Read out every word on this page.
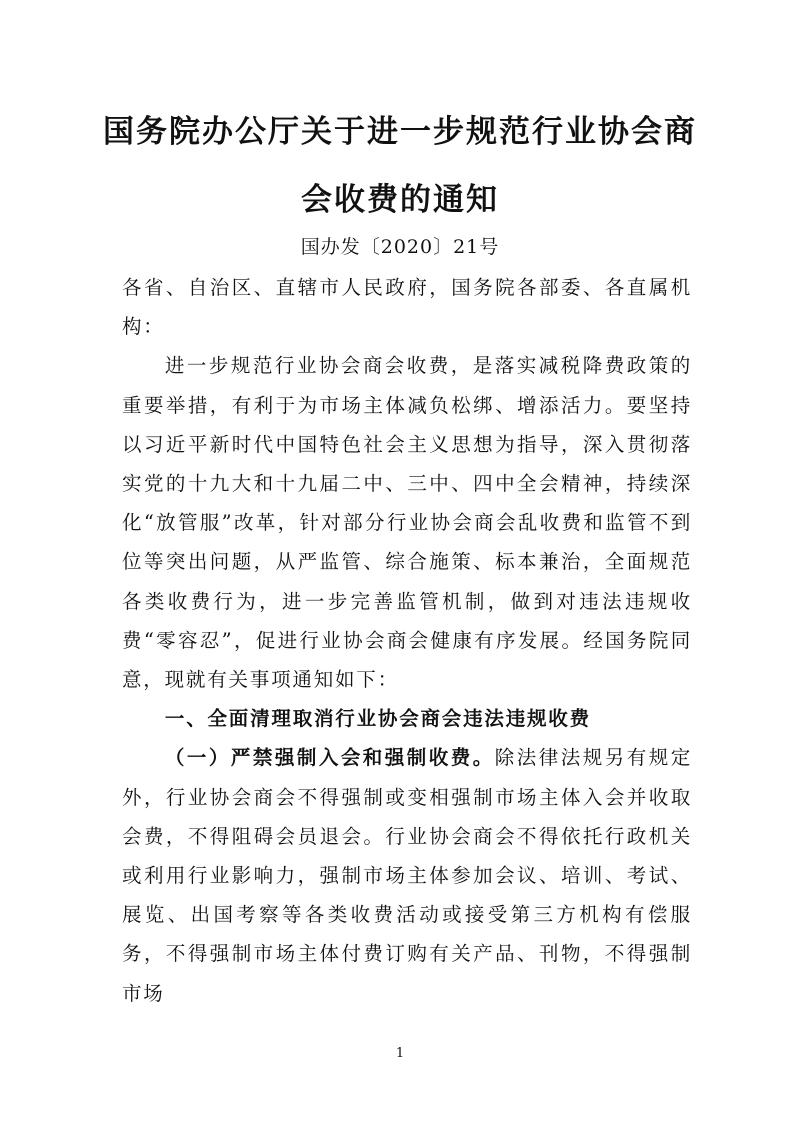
国务院办公厅关于进一步规范行业协会商
会收费的通知
国办发〔2020〕21号

各省、自治区、直辖市人民政府，国务院各部委、各直属机构：

进一步规范行业协会商会收费，是落实减税降费政策的重要举措，有利于为市场主体减负松绑、增添活力。要坚持以习近平新时代中国特色社会主义思想为指导，深入贯彻落实党的十九大和十九届二中、三中、四中全会精神，持续深化“放管服”改革，针对部分行业协会商会乱收费和监管不到位等突出问题，从严监管、综合施策、标本兼治，全面规范各类收费行为，进一步完善监管机制，做到对违法违规收费“零容忍”，促进行业协会商会健康有序发展。经国务院同意，现就有关事项通知如下：

一、全面清理取消行业协会商会违法违规收费

（一）严禁强制入会和强制收费。除法律法规另有规定外，行业协会商会不得强制或变相强制市场主体入会并收取会费，不得阻碍会员退会。行业协会商会不得依托行政机关或利用行业影响力，强制市场主体参加会议、培训、考试、展览、出国考察等各类收费活动或接受第三方机构有偿服务，不得强制市场主体付费订购有关产品、刊物，不得强制市场

1
